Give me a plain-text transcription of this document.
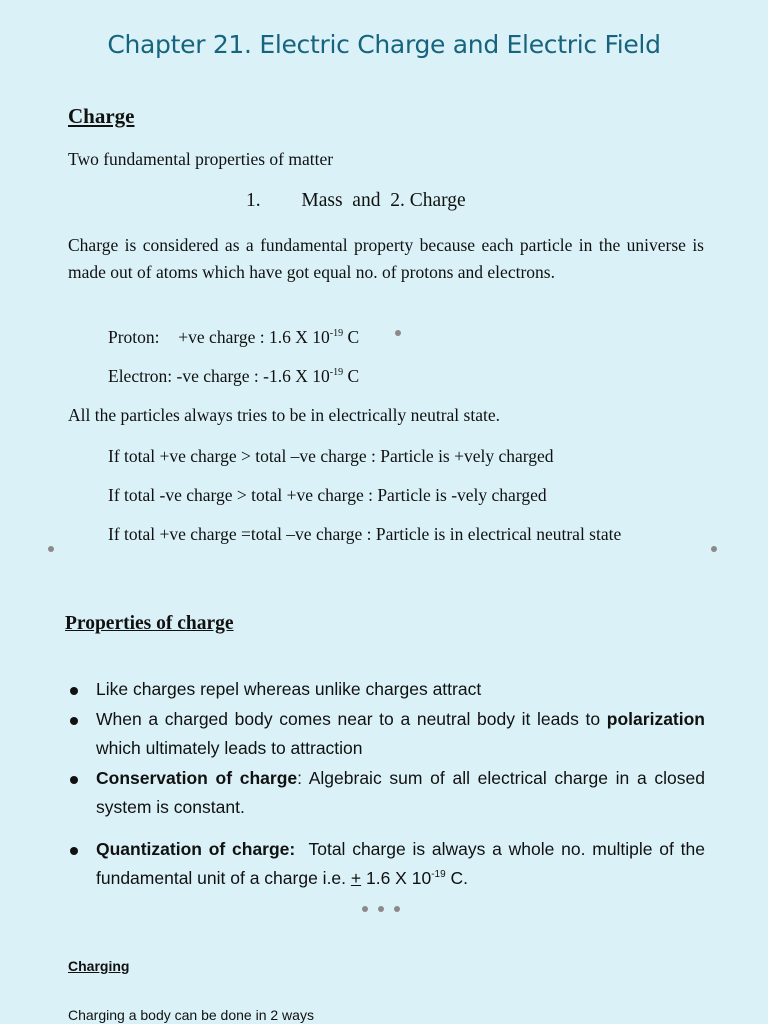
Chapter 21. Electric Charge and Electric Field
Charge
Two fundamental properties of matter
1. Mass  and  2. Charge
Charge is considered as a fundamental property because each particle in the universe is made out of atoms which have got equal no. of protons and electrons.
Proton: +ve charge : 1.6 X $10^{-19}$ C
Electron: -ve charge : -1.6 X $10^{-19}$ C
All the particles always tries to be in electrically neutral state.
If total +ve charge > total –ve charge : Particle is +vely charged
If total -ve charge > total +ve charge : Particle is -vely charged
If total +ve charge =total –ve charge : Particle is in electrical neutral state
Properties of charge
Like charges repel whereas unlike charges attract
When a charged body comes near to a neutral body it leads to polarization which ultimately leads to attraction
Conservation of charge: Algebraic sum of all electrical charge in a closed system is constant.
Quantization of charge:  Total charge is always a whole no. multiple of the fundamental unit of a charge i.e. + 1.6 X $10^{-19}$ C.
Charging
Charging a body can be done in 2 ways
